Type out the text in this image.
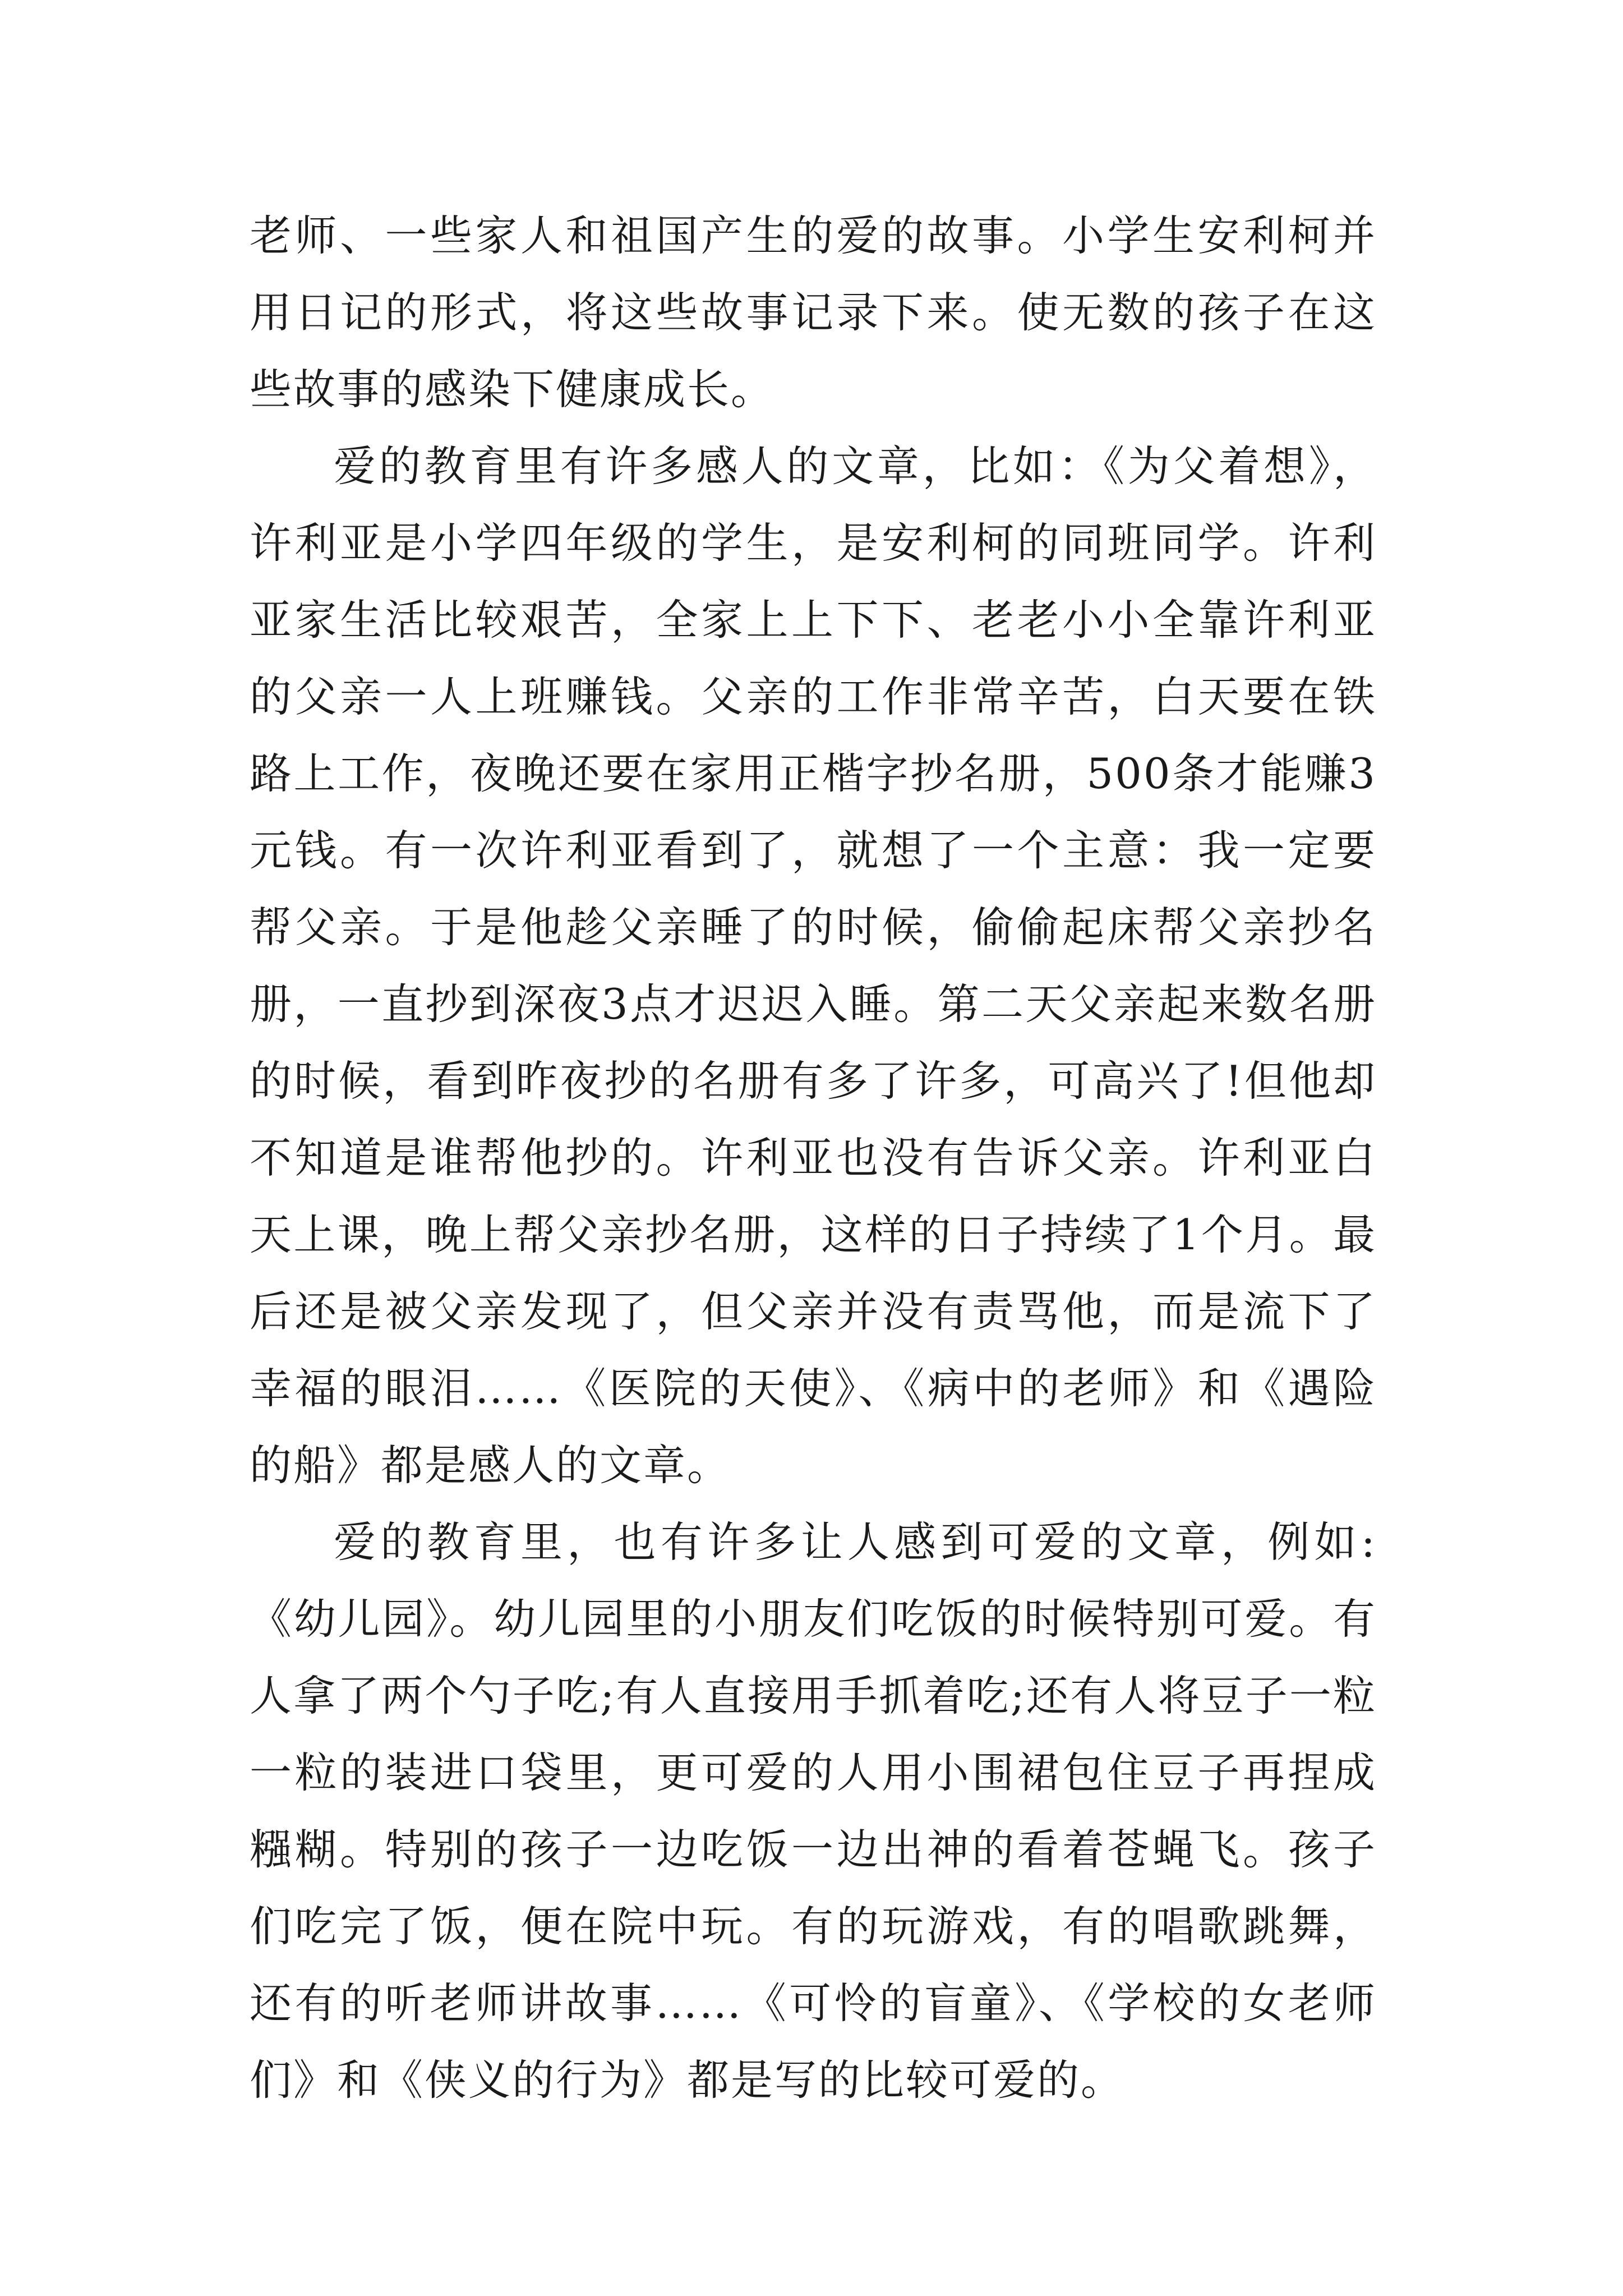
老师、一些家人和祖国产生的爱的故事。小学生安利柯并用日记的形式，将这些故事记录下来。使无数的孩子在这些故事的感染下健康成长。

爱的教育里有许多感人的文章，比如：《为父着想》，许利亚是小学四年级的学生，是安利柯的同班同学。许利亚家生活比较艰苦，全家上上下下、老老小小全靠许利亚的父亲一人上班赚钱。父亲的工作非常辛苦，白天要在铁路上工作，夜晚还要在家用正楷字抄名册，500条才能赚3元钱。有一次许利亚看到了，就想了一个主意：我一定要帮父亲。于是他趁父亲睡了的时候，偷偷起床帮父亲抄名册，一直抄到深夜3点才迟迟入睡。第二天父亲起来数名册的时候，看到昨夜抄的名册有多了许多，可高兴了!但他却不知道是谁帮他抄的。许利亚也没有告诉父亲。许利亚白天上课，晚上帮父亲抄名册，这样的日子持续了1个月。最后还是被父亲发现了，但父亲并没有责骂他，而是流下了幸福的眼泪……《医院的天使》、《病中的老师》和《遇险的船》都是感人的文章。

爱的教育里，也有许多让人感到可爱的文章，例如:《幼儿园》。幼儿园里的小朋友们吃饭的时候特别可爱。有人拿了两个勺子吃;有人直接用手抓着吃;还有人将豆子一粒一粒的装进口袋里，更可爱的人用小围裙包住豆子再捏成糨糊。特别的孩子一边吃饭一边出神的看着苍蝇飞。孩子们吃完了饭，便在院中玩。有的玩游戏，有的唱歌跳舞，还有的听老师讲故事……《可怜的盲童》、《学校的女老师们》和《侠义的行为》都是写的比较可爱的。
